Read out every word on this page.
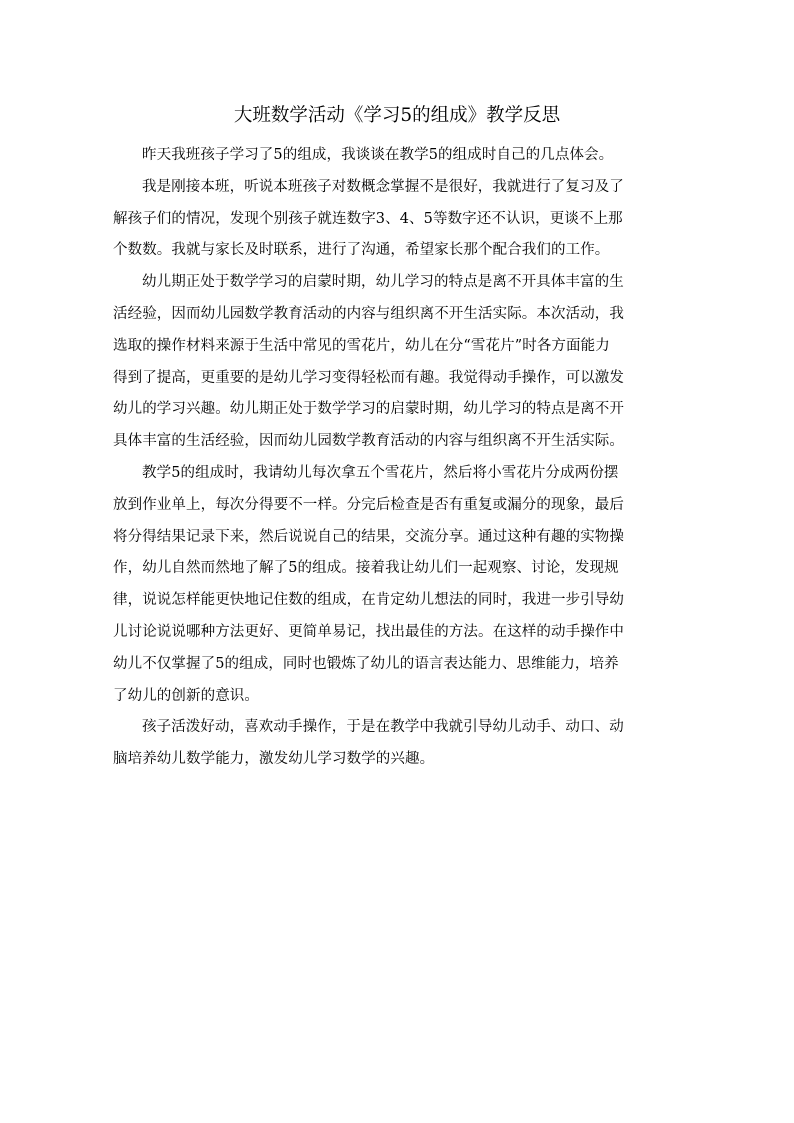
大班数学活动《学习5的组成》教学反思

昨天我班孩子学习了5的组成，我谈谈在教学5的组成时自己的几点体会。

我是刚接本班，听说本班孩子对数概念掌握不是很好，我就进行了复习及了
解孩子们的情况，发现个别孩子就连数字3、4、5等数字还不认识，更谈不上那
个数数。我就与家长及时联系，进行了沟通，希望家长那个配合我们的工作。

幼儿期正处于数学学习的启蒙时期，幼儿学习的特点是离不开具体丰富的生
活经验，因而幼儿园数学教育活动的内容与组织离不开生活实际。本次活动，我
选取的操作材料来源于生活中常见的雪花片，幼儿在分“雪花片”时各方面能力
得到了提高，更重要的是幼儿学习变得轻松而有趣。我觉得动手操作，可以激发
幼儿的学习兴趣。幼儿期正处于数学学习的启蒙时期，幼儿学习的特点是离不开
具体丰富的生活经验，因而幼儿园数学教育活动的内容与组织离不开生活实际。

教学5的组成时，我请幼儿每次拿五个雪花片，然后将小雪花片分成两份摆
放到作业单上，每次分得要不一样。分完后检查是否有重复或漏分的现象，最后
将分得结果记录下来，然后说说自己的结果，交流分享。通过这种有趣的实物操
作，幼儿自然而然地了解了5的组成。接着我让幼儿们一起观察、讨论，发现规
律，说说怎样能更快地记住数的组成，在肯定幼儿想法的同时，我进一步引导幼
儿讨论说说哪种方法更好、更简单易记，找出最佳的方法。在这样的动手操作中
幼儿不仅掌握了5的组成，同时也锻炼了幼儿的语言表达能力、思维能力，培养
了幼儿的创新的意识。

孩子活泼好动，喜欢动手操作，于是在教学中我就引导幼儿动手、动口、动
脑培养幼儿数学能力，激发幼儿学习数学的兴趣。
